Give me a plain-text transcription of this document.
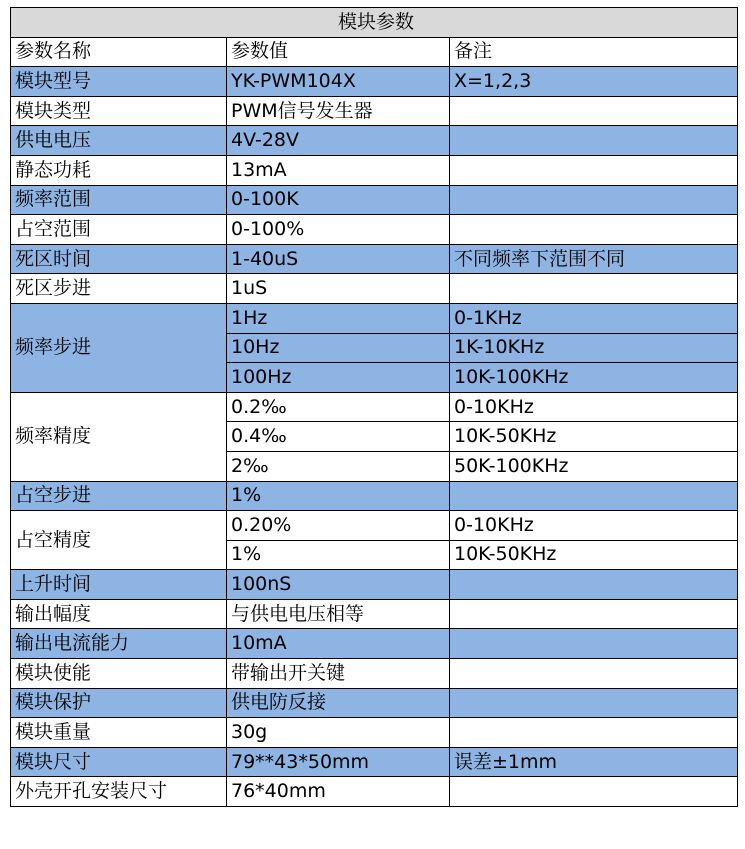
模块参数		
参数名称	参数值	备注
模块型号	YK-PWM104X	X=1,2,3
模块类型	PWM信号发生器	
供电电压	4V-28V	
静态功耗	13mA	
频率范围	0-100K	
占空范围	0-100%	
死区时间	1-40uS	不同频率下范围不同
死区步进	1uS	
频率步进	1Hz	0-1KHz
	10Hz	1K-10KHz
	100Hz	10K-100KHz
频率精度	0.2‰	0-10KHz
	0.4‰	10K-50KHz
	2‰	50K-100KHz
占空步进	1%	
占空精度	0.20%	0-10KHz
	1%	10K-50KHz
上升时间	100nS	
输出幅度	与供电电压相等	
输出电流能力	10mA	
模块使能	带输出开关键	
模块保护	供电防反接	
模块重量	30g	
模块尺寸	79**43*50mm	误差±1mm
外壳开孔安装尺寸	76*40mm	
